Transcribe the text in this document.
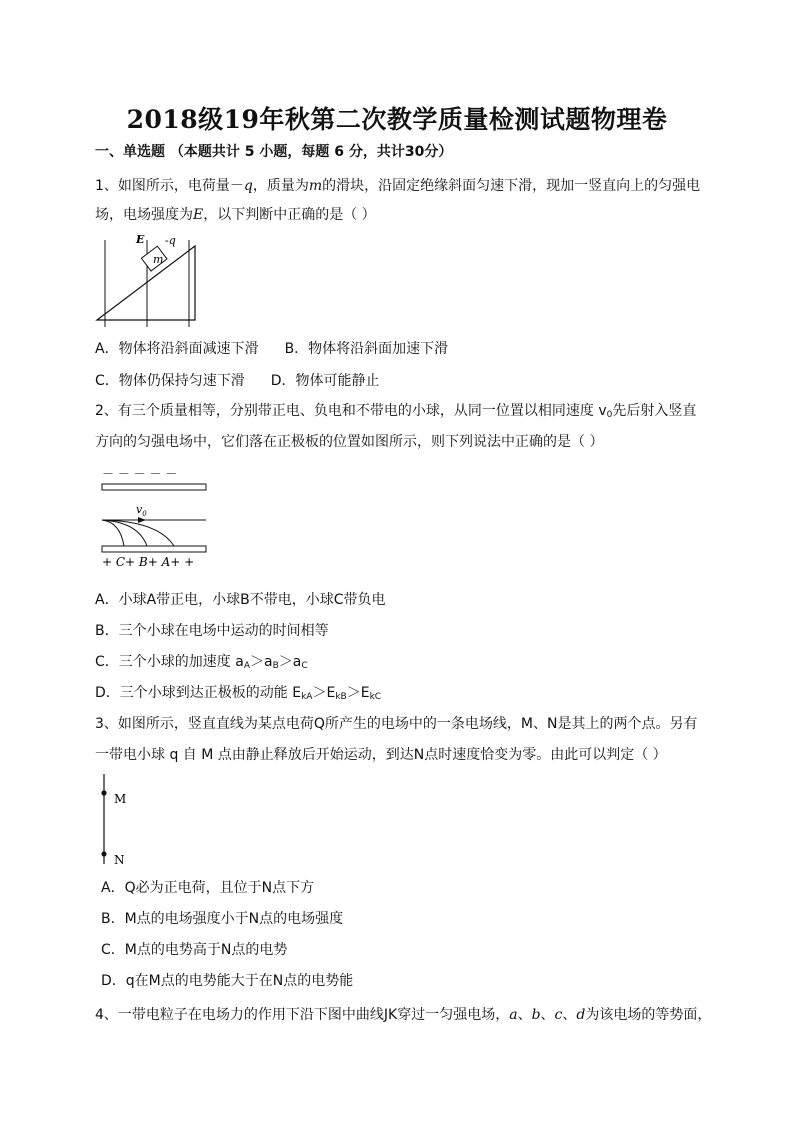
2018级19年秋第二次教学质量检测试题物理卷
一、单选题 （本题共计 5 小题，每题 6 分，共计30分）
1、如图所示，电荷量－q，质量为m的滑块，沿固定绝缘斜面匀速下滑，现加一竖直向上的匀强电
场，电场强度为E，以下判断中正确的是（ ）
m
E -q
A．物体将沿斜面减速下滑 B．物体将沿斜面加速下滑
C．物体仍保持匀速下滑 D．物体可能静止
2、有三个质量相等，分别带正电、负电和不带电的小球，从同一位置以相同速度 $v_0$先后射入竖直
方向的匀强电场中，它们落在正极板的位置如图所示，则下列说法中正确的是（ ）
－ － － － －
$v_0$
+ C+ B+ A+ +
A．小球A带正电，小球B不带电，小球C带负电
B．三个小球在电场中运动的时间相等
C．三个小球的加速度 $a_A>a_B>a_C$
D．三个小球到达正极板的动能 $E_{kA}>E_{kB}>E_{kC}$
3、如图所示，竖直直线为某点电荷Q所产生的电场中的一条电场线，M、N是其上的两个点。另有
一带电小球 q 自 M 点由静止释放后开始运动，到达N点时速度恰变为零。由此可以判定（ ）
M
N
A．Q必为正电荷，且位于N点下方
B．M点的电场强度小于N点的电场强度
C．M点的电势高于N点的电势
D．q在M点的电势能大于在N点的电势能
4、一带电粒子在电场力的作用下沿下图中曲线JK穿过一匀强电场，a、b、c、d为该电场的等势面，
